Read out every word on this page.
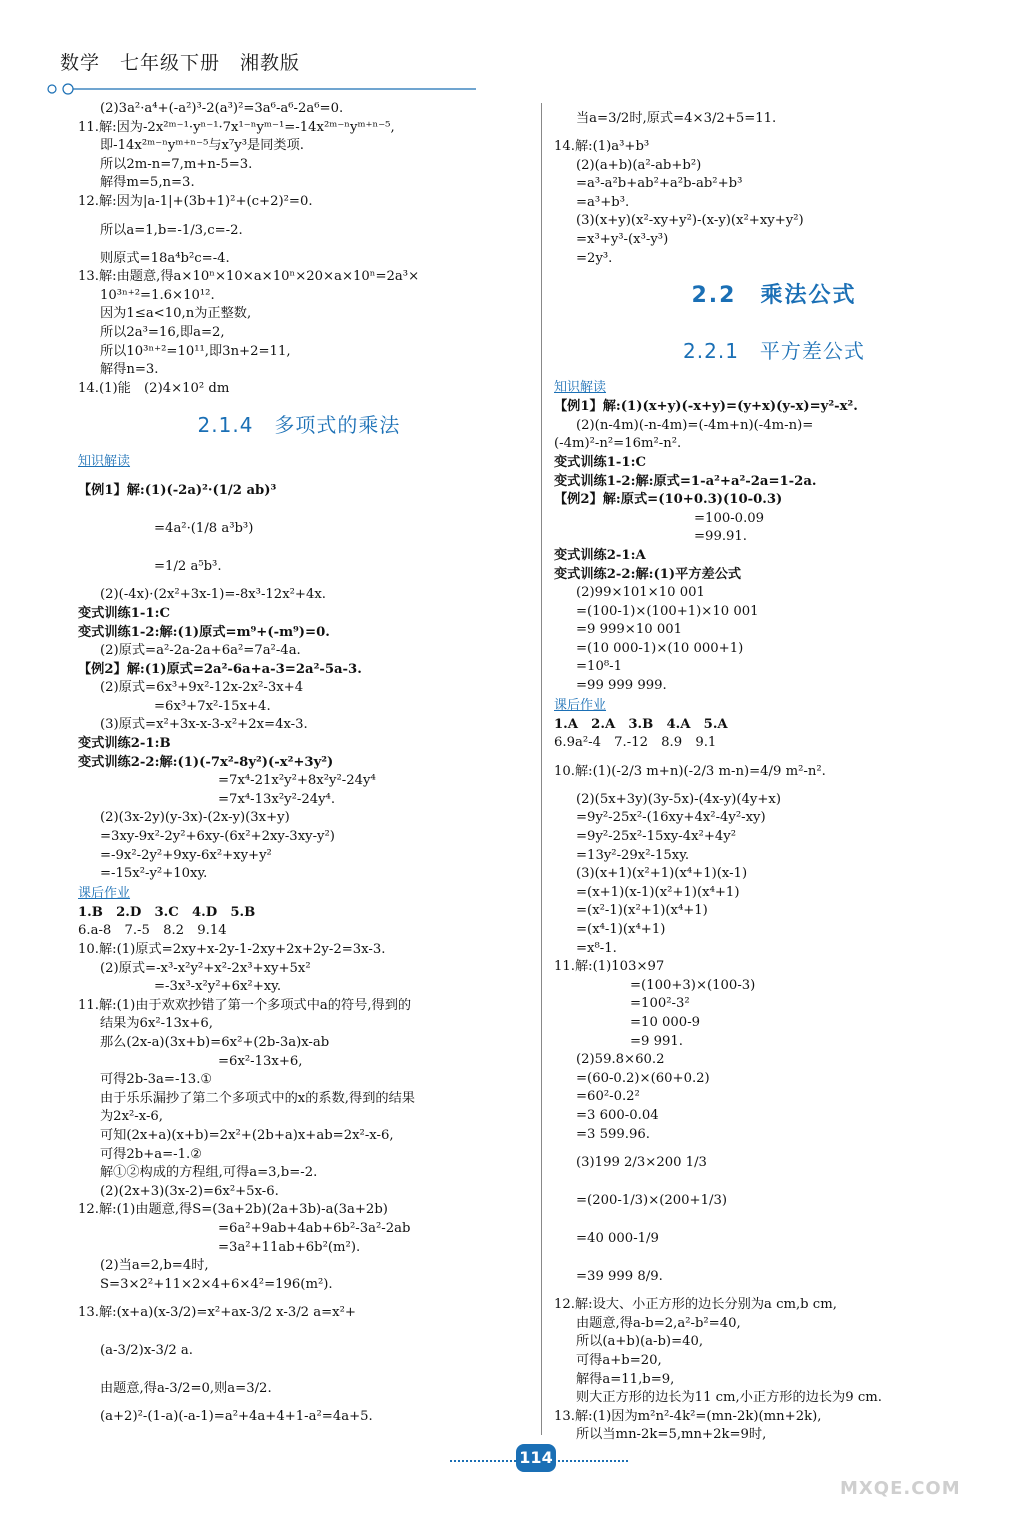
数学　七年级下册　湘教版
(2)3a²·a⁴+(-a²)³-2(a³)²=3a⁶-a⁶-2a⁶=0.
11.解:因为-2x²ᵐ⁻¹·yⁿ⁻¹·7x¹⁻ⁿyᵐ⁻¹=-14x²ᵐ⁻ⁿyᵐ⁺ⁿ⁻⁵,
即-14x²ᵐ⁻ⁿyᵐ⁺ⁿ⁻⁵与x⁷y³是同类项.
所以2m-n=7,m+n-5=3.
解得m=5,n=3.
12.解:因为|a-1|+(3b+1)²+(c+2)²=0.
所以a=1,b=-1/3,c=-2.
则原式=18a⁴b²c=-4.
13.解:由题意,得a×10ⁿ×10×a×10ⁿ×20×a×10ⁿ=2a³×
10³ⁿ⁺²=1.6×10¹².
因为1≤a<10,n为正整数,
所以2a³=16,即a=2,
所以10³ⁿ⁺²=10¹¹,即3n+2=11,
解得n=3.
14.(1)能　(2)4×10² dm
2.1.4　多项式的乘法
知识解读
【例1】解:(1)(-2a)²·(1/2 ab)³
=4a²·(1/8 a³b³)
=1/2 a⁵b³.
(2)(-4x)·(2x²+3x-1)=-8x³-12x²+4x.
变式训练1-1:C
变式训练1-2:解:(1)原式=m⁹+(-m⁹)=0.
(2)原式=a²-2a-2a+6a²=7a²-4a.
【例2】解:(1)原式=2a²-6a+a-3=2a²-5a-3.
(2)原式=6x³+9x²-12x-2x²-3x+4
=6x³+7x²-15x+4.
(3)原式=x²+3x-x-3-x²+2x=4x-3.
变式训练2-1:B
变式训练2-2:解:(1)(-7x²-8y²)(-x²+3y²)
=7x⁴-21x²y²+8x²y²-24y⁴
=7x⁴-13x²y²-24y⁴.
(2)(3x-2y)(y-3x)-(2x-y)(3x+y)
=3xy-9x²-2y²+6xy-(6x²+2xy-3xy-y²)
=-9x²-2y²+9xy-6x²+xy+y²
=-15x²-y²+10xy.
课后作业
1.B　2.D　3.C　4.D　5.B
6.a-8　7.-5　8.2　9.14
10.解:(1)原式=2xy+x-2y-1-2xy+2x+2y-2=3x-3.
(2)原式=-x³-x²y²+x²-2x³+xy+5x²
=-3x³-x²y²+6x²+xy.
11.解:(1)由于欢欢抄错了第一个多项式中a的符号,得到的
结果为6x²-13x+6,
那么(2x-a)(3x+b)=6x²+(2b-3a)x-ab
=6x²-13x+6,
可得2b-3a=-13.①
由于乐乐漏抄了第二个多项式中的x的系数,得到的结果
为2x²-x-6,
可知(2x+a)(x+b)=2x²+(2b+a)x+ab=2x²-x-6,
可得2b+a=-1.②
解①②构成的方程组,可得a=3,b=-2.
(2)(2x+3)(3x-2)=6x²+5x-6.
12.解:(1)由题意,得S=(3a+2b)(2a+3b)-a(3a+2b)
=6a²+9ab+4ab+6b²-3a²-2ab
=3a²+11ab+6b²(m²).
(2)当a=2,b=4时,
S=3×2²+11×2×4+6×4²=196(m²).
13.解:(x+a)(x-3/2)=x²+ax-3/2 x-3/2 a=x²+
(a-3/2)x-3/2 a.
由题意,得a-3/2=0,则a=3/2.
(a+2)²-(1-a)(-a-1)=a²+4a+4+1-a²=4a+5.
当a=3/2时,原式=4×3/2+5=11.
14.解:(1)a³+b³
(2)(a+b)(a²-ab+b²)
=a³-a²b+ab²+a²b-ab²+b³
=a³+b³.
(3)(x+y)(x²-xy+y²)-(x-y)(x²+xy+y²)
=x³+y³-(x³-y³)
=2y³.
2.2　乘法公式
2.2.1　平方差公式
知识解读
【例1】解:(1)(x+y)(-x+y)=(y+x)(y-x)=y²-x².
(2)(n-4m)(-n-4m)=(-4m+n)(-4m-n)=
(-4m)²-n²=16m²-n².
变式训练1-1:C
变式训练1-2:解:原式=1-a²+a²-2a=1-2a.
【例2】解:原式=(10+0.3)(10-0.3)
=100-0.09
=99.91.
变式训练2-1:A
变式训练2-2:解:(1)平方差公式
(2)99×101×10 001
=(100-1)×(100+1)×10 001
=9 999×10 001
=(10 000-1)×(10 000+1)
=10⁸-1
=99 999 999.
课后作业
1.A　2.A　3.B　4.A　5.A
6.9a²-4　7.-12　8.9　9.1
10.解:(1)(-2/3 m+n)(-2/3 m-n)=4/9 m²-n².
(2)(5x+3y)(3y-5x)-(4x-y)(4y+x)
=9y²-25x²-(16xy+4x²-4y²-xy)
=9y²-25x²-15xy-4x²+4y²
=13y²-29x²-15xy.
(3)(x+1)(x²+1)(x⁴+1)(x-1)
=(x+1)(x-1)(x²+1)(x⁴+1)
=(x²-1)(x²+1)(x⁴+1)
=(x⁴-1)(x⁴+1)
=x⁸-1.
11.解:(1)103×97
=(100+3)×(100-3)
=100²-3²
=10 000-9
=9 991.
(2)59.8×60.2
=(60-0.2)×(60+0.2)
=60²-0.2²
=3 600-0.04
=3 599.96.
(3)199 2/3×200 1/3
=(200-1/3)×(200+1/3)
=40 000-1/9
=39 999 8/9.
12.解:设大、小正方形的边长分别为a cm,b cm,
由题意,得a-b=2,a²-b²=40,
所以(a+b)(a-b)=40,
可得a+b=20,
解得a=11,b=9,
则大正方形的边长为11 cm,小正方形的边长为9 cm.
13.解:(1)因为m²n²-4k²=(mn-2k)(mn+2k),
所以当mn-2k=5,mn+2k=9时,
114
MXQE.COM
